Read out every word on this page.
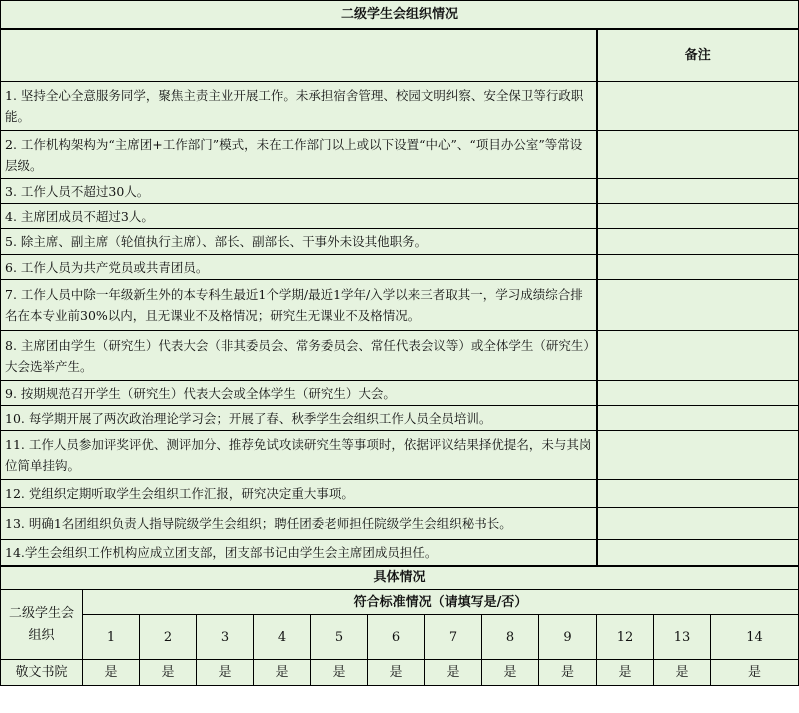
二级学生会组织情况												
										备注		
1. 坚持全心全意服务同学，聚焦主责主业开展工作。未承担宿舍管理、校园文明纠察、安全保卫等行政职能。												
2. 工作机构架构为“主席团+工作部门”模式，未在工作部门以上或以下设置“中心”、“项目办公室”等常设层级。												
3. 工作人员不超过30人。												
4. 主席团成员不超过3人。												
5. 除主席、副主席（轮值执行主席）、部长、副部长、干事外未设其他职务。												
6. 工作人员为共产党员或共青团员。												
7. 工作人员中除一年级新生外的本专科生最近1个学期/最近1学年/入学以来三者取其一，学习成绩综合排名在本专业前30%以内，且无课业不及格情况；研究生无课业不及格情况。												
8. 主席团由学生（研究生）代表大会（非其委员会、常务委员会、常任代表会议等）或全体学生（研究生）大会选举产生。												
9. 按期规范召开学生（研究生）代表大会或全体学生（研究生）大会。												
10. 每学期开展了两次政治理论学习会；开展了春、秋季学生会组织工作人员全员培训。												
11. 工作人员参加评奖评优、测评加分、推荐免试攻读研究生等事项时，依据评议结果择优提名，未与其岗位简单挂钩。												
12. 党组织定期听取学生会组织工作汇报，研究决定重大事项。												
13. 明确1名团组织负责人指导院级学生会组织；聘任团委老师担任院级学生会组织秘书长。												
14.学生会组织工作机构应成立团支部，团支部书记由学生会主席团成员担任。												
具体情况												
二级学生会组织	符合标准情况（请填写是/否）											
	1	2	3	4	5	6	7	8	9	12	13	14
敬文书院	是	是	是	是	是	是	是	是	是	是	是	是
